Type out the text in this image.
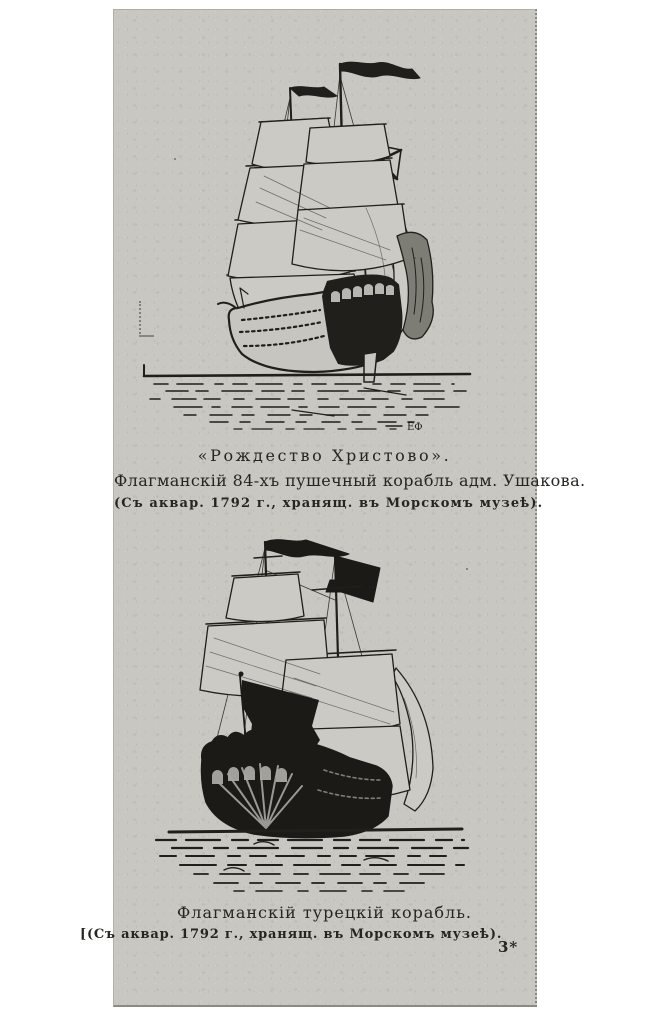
ЕФ
«Рождество Христово».
Флагманскій 84-хъ пушечный корабль адм. Ушакова.
(Съ аквар. 1792 г., хранящ. въ Морскомъ музеѣ).
Флагманскій турецкій корабль.
[(Съ аквар. 1792 г., хранящ. въ Морскомъ музеѣ).
3*
